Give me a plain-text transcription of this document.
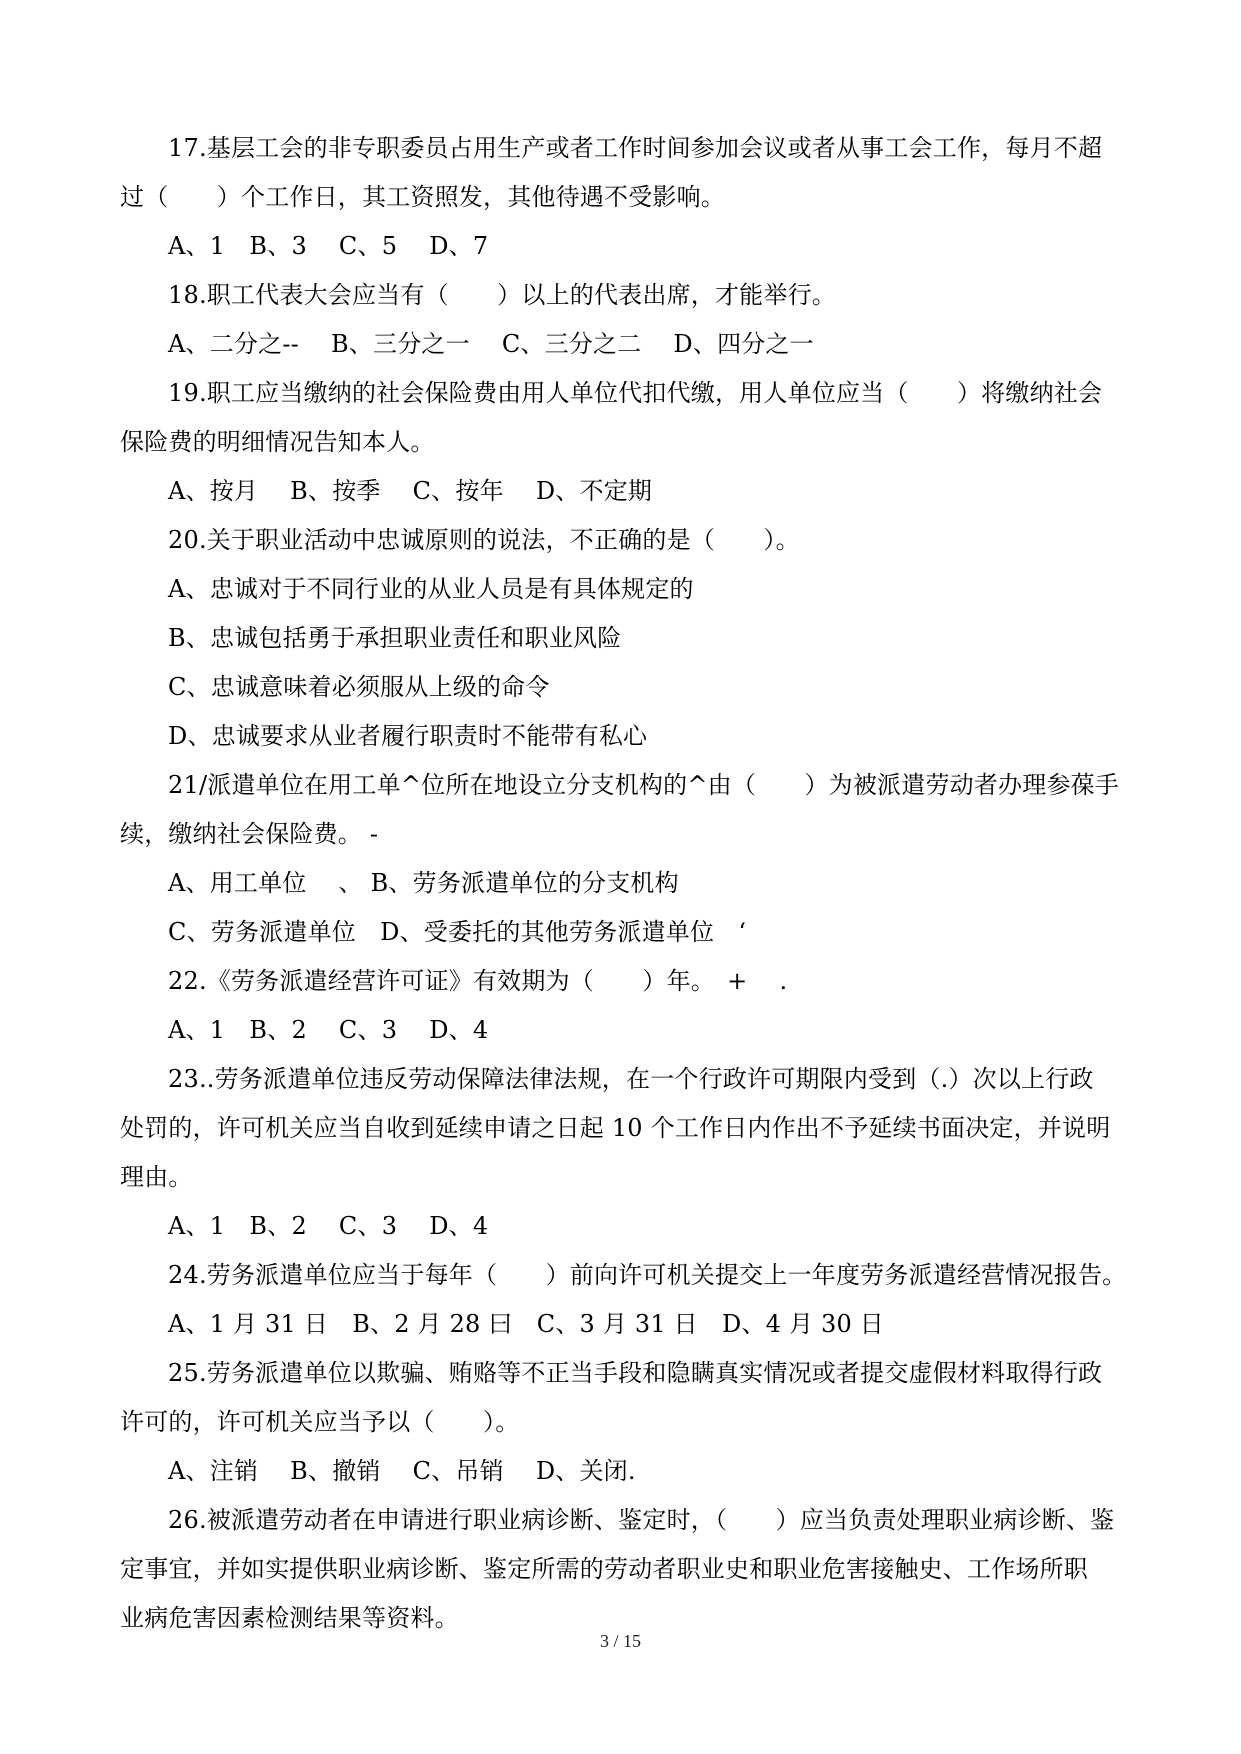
17.基层工会的非专职委员占用生产或者工作时间参加会议或者从事工会工作，每月不超
过（　　）个工作日，其工资照发，其他待遇不受影响。
A、1　B、3　 C、5　 D、7
18.职工代表大会应当有（　　）以上的代表出席，才能举行。
A、二分之--　 B、三分之一　 C、三分之二　 D、四分之一
19.职工应当缴纳的社会保险费由用人单位代扣代缴，用人单位应当（　　）将缴纳社会
保险费的明细情况告知本人。
A、按月　 B、按季　 C、按年　 D、不定期
20.关于职业活动中忠诚原则的说法，不正确的是（　　）。
A、忠诚对于不同行业的从业人员是有具体规定的
B、忠诚包括勇于承担职业责任和职业风险
C、忠诚意味着必须服从上级的命令
D、忠诚要求从业者履行职责时不能带有私心
21/派遣单位在用工单^位所在地设立分支机构的^由（　　）为被派遣劳动者办理参葆手
续，缴纳社会保险费。 -
A、用工单位　 、 B、劳务派遣单位的分支机构
C、劳务派遣单位　D、受委托的其他劳务派遣单位　‘
22.《劳务派遣经营许可证》有效期为（　　）年。　+　 .
A、1　B、2　 C、3　 D、4
23..劳务派遣单位违反劳动保障法律法规，在一个行政许可期限内受到（.）次以上行政
处罚的，许可机关应当自收到延续申请之日起 10 个工作日内作出不予延续书面决定，并说明
理由。
A、1　B、2　 C、3　 D、4
24.劳务派遣单位应当于每年（　　）前向许可机关提交上一年度劳务派遣经营情况报告。
A、1 月 31 日　B、2 月 28 曰　C、3 月 31 日　D、4 月 30 日
25.劳务派遣单位以欺骗、贿赂等不正当手段和隐瞒真实情况或者提交虚假材料取得行政
许可的，许可机关应当予以（　　）。
A、注销　 B、撤销　 C、吊销　 D、关闭.
26.被派遣劳动者在申请进行职业病诊断、鉴定时，（　　）应当负责处理职业病诊断、鉴
定事宜，并如实提供职业病诊断、鉴定所需的劳动者职业史和职业危害接触史、工作场所职
业病危害因素检测结果等资料。
3 / 15
